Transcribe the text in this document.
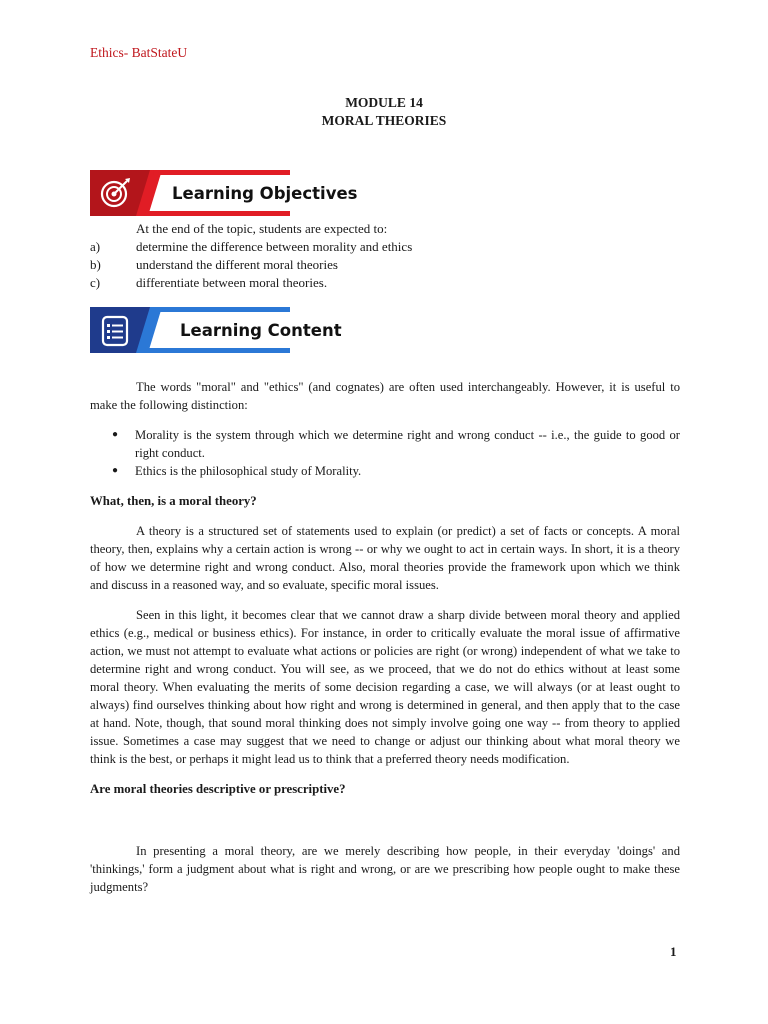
Ethics- BatStateU
MODULE 14
MORAL THEORIES
Learning Objectives
At the end of the topic, students are expected to:
a)	determine the difference between morality and ethics
b)	understand the different moral theories
c)	differentiate between moral theories.
Learning Content

The words "moral" and "ethics" (and cognates) are often used interchangeably. However, it is useful to make the following distinction:

● Morality is the system through which we determine right and wrong conduct -- i.e., the guide to good or right conduct.
● Ethics is the philosophical study of Morality.
What, then, is a moral theory?

A theory is a structured set of statements used to explain (or predict) a set of facts or concepts. A moral theory, then, explains why a certain action is wrong -- or why we ought to act in certain ways. In short, it is a theory of how we determine right and wrong conduct. Also, moral theories provide the framework upon which we think and discuss in a reasoned way, and so evaluate, specific moral issues.

Seen in this light, it becomes clear that we cannot draw a sharp divide between moral theory and applied ethics (e.g., medical or business ethics). For instance, in order to critically evaluate the moral issue of affirmative action, we must not attempt to evaluate what actions or policies are right (or wrong) independent of what we take to determine right and wrong conduct. You will see, as we proceed, that we do not do ethics without at least some moral theory. When evaluating the merits of some decision regarding a case, we will always (or at least ought to always) find ourselves thinking about how right and wrong is determined in general, and then apply that to the case at hand. Note, though, that sound moral thinking does not simply involve going one way -- from theory to applied issue. Sometimes a case may suggest that we need to change or adjust our thinking about what moral theory we think is the best, or perhaps it might lead us to think that a preferred theory needs modification.

Are moral theories descriptive or prescriptive?

In presenting a moral theory, are we merely describing how people, in their everyday 'doings' and 'thinkings,' form a judgment about what is right and wrong, or are we prescribing how people ought to make these judgments?

1
